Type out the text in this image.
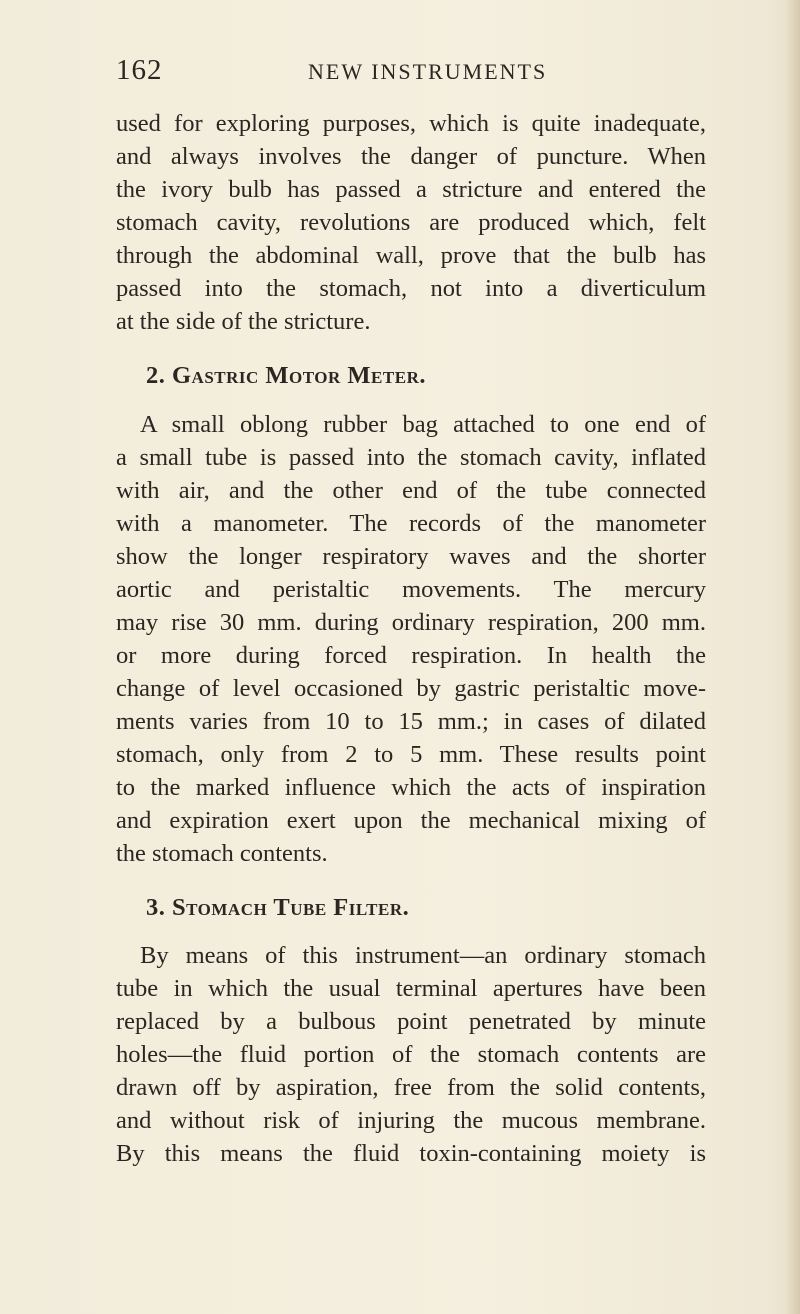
162	NEW INSTRUMENTS

used for exploring purposes, which is quite inadequate,

and always involves the danger of puncture. When

the ivory bulb has passed a stricture and entered the

stomach cavity, revolutions are produced which, felt

through the abdominal wall, prove that the bulb has

passed into the stomach, not into a diverticulum

at the side of the stricture.

2. Gastric Motor Meter.

A small oblong rubber bag attached to one end of

a small tube is passed into the stomach cavity, inflated

with air, and the other end of the tube connected

with a manometer. The records of the manometer

show the longer respiratory waves and the shorter

aortic and peristaltic movements. The mercury

may rise 30 mm. during ordinary respiration, 200 mm.

or more during forced respiration. In health the

change of level occasioned by gastric peristaltic move-

ments varies from 10 to 15 mm.; in cases of dilated

stomach, only from 2 to 5 mm. These results point

to the marked influence which the acts of inspiration

and expiration exert upon the mechanical mixing of

the stomach contents.

3. Stomach Tube Filter.

By means of this instrument—an ordinary stomach

tube in which the usual terminal apertures have been

replaced by a bulbous point penetrated by minute

holes—the fluid portion of the stomach contents are

drawn off by aspiration, free from the solid contents,

and without risk of injuring the mucous membrane.

By this means the fluid toxin-containing moiety is
